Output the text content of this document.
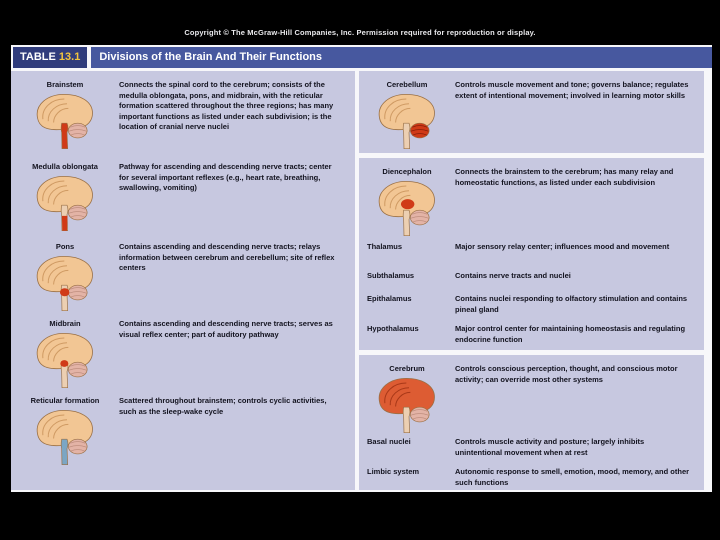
Copyright © The McGraw-Hill Companies, Inc. Permission required for reproduction or display.
TABLE 13.1	Divisions of the Brain And Their Functions
Brainstem	Connects the spinal cord to the cerebrum; consists of the medulla oblongata, pons, and midbrain, with the reticular formation scattered throughout the three regions; has many important functions as listed under each subdivision; is the location of cranial nerve nuclei
Medulla oblongata	Pathway for ascending and descending nerve tracts; center for several important reflexes (e.g., heart rate, breathing, swallowing, vomiting)
Pons	Contains ascending and descending nerve tracts; relays information between cerebrum and cerebellum; site of reflex centers
Midbrain	Contains ascending and descending nerve tracts; serves as visual reflex center; part of auditory pathway
Reticular formation	Scattered throughout brainstem; controls cyclic activities, such as the sleep-wake cycle
Cerebellum	Controls muscle movement and tone; governs balance; regulates extent of intentional movement; involved in learning motor skills
Diencephalon	Connects the brainstem to the cerebrum; has many relay and homeostatic functions, as listed under each subdivision
Thalamus	Major sensory relay center; influences mood and movement
Subthalamus	Contains nerve tracts and nuclei
Epithalamus	Contains nuclei responding to olfactory stimulation and contains pineal gland
Hypothalamus	Major control center for maintaining homeostasis and regulating endocrine function
Cerebrum	Controls conscious perception, thought, and conscious motor activity; can override most other systems
Basal nuclei	Controls muscle activity and posture; largely inhibits unintentional movement when at rest
Limbic system	Autonomic response to smell, emotion, mood, memory, and other such functions
